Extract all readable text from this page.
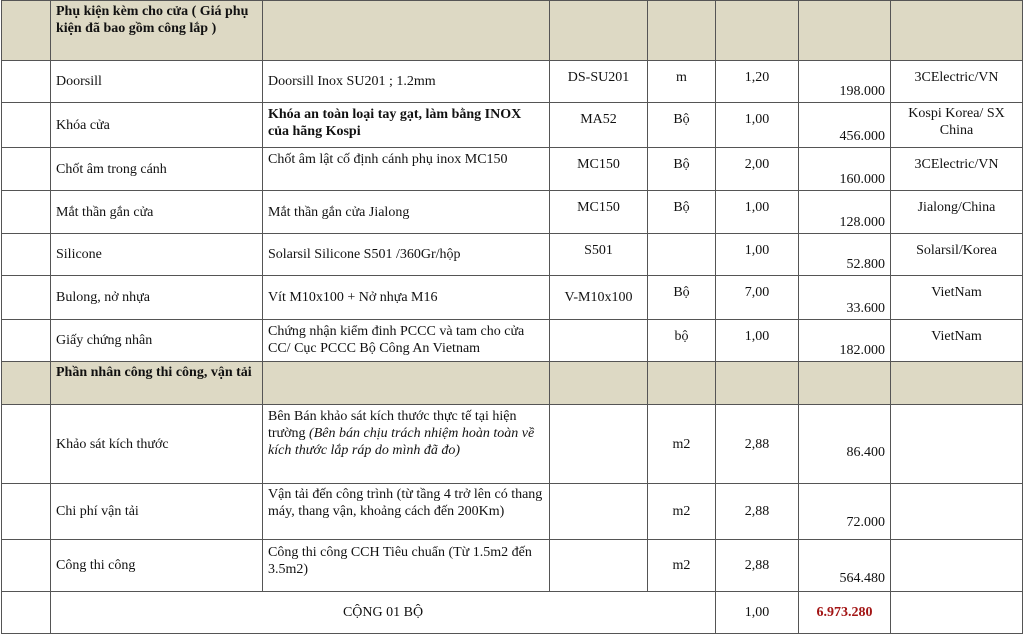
	Phụ kiện kèm cho cửa ( Giá phụ kiện đã bao gồm công lắp )						
	Doorsill	Doorsill Inox SU201 ; 1.2mm	DS-SU201	m	1,20	198.000	3CElectric/VN
	Khóa cửa	Khóa an toàn loại tay gạt, làm bằng INOX của hãng Kospi	MA52	Bộ	1,00	456.000	Kospi Korea/ SX China
	Chốt âm trong cánh	Chốt âm lật cố định cánh phụ inox MC150	MC150	Bộ	2,00	160.000	3CElectric/VN
	Mắt thần gắn cửa	Mắt thần gắn cửa Jialong	MC150	Bộ	1,00	128.000	Jialong/China
	Silicone	Solarsil Silicone S501 /360Gr/hộp	S501		1,00	52.800	Solarsil/Korea
	Bulong, nở nhựa	Vít M10x100 + Nở nhựa M16	V-M10x100	Bộ	7,00	33.600	VietNam
	Giấy chứng nhân	Chứng nhận kiểm đinh PCCC và tam cho cửa CC/ Cục PCCC Bộ Công An Vietnam		bộ	1,00	182.000	VietNam
	Phần nhân công thi công, vận tải						
	Khảo sát kích thước	Bên Bán khảo sát kích thước thực tế tại hiện trường (Bên bán chịu trách nhiệm hoàn toàn về kích thước lắp ráp do mình đã đo)		m2	2,88	86.400	
	Chi phí vận tải	Vận tải đến công trình (từ tầng 4 trở lên có thang máy, thang vận, khoảng cách đến 200Km)		m2	2,88	72.000	
	Công thi công	Công thi công CCH Tiêu chuẩn (Từ 1.5m2 đến 3.5m2)		m2	2,88	564.480	
	CỘNG 01 BỘ				1,00	6.973.280	
